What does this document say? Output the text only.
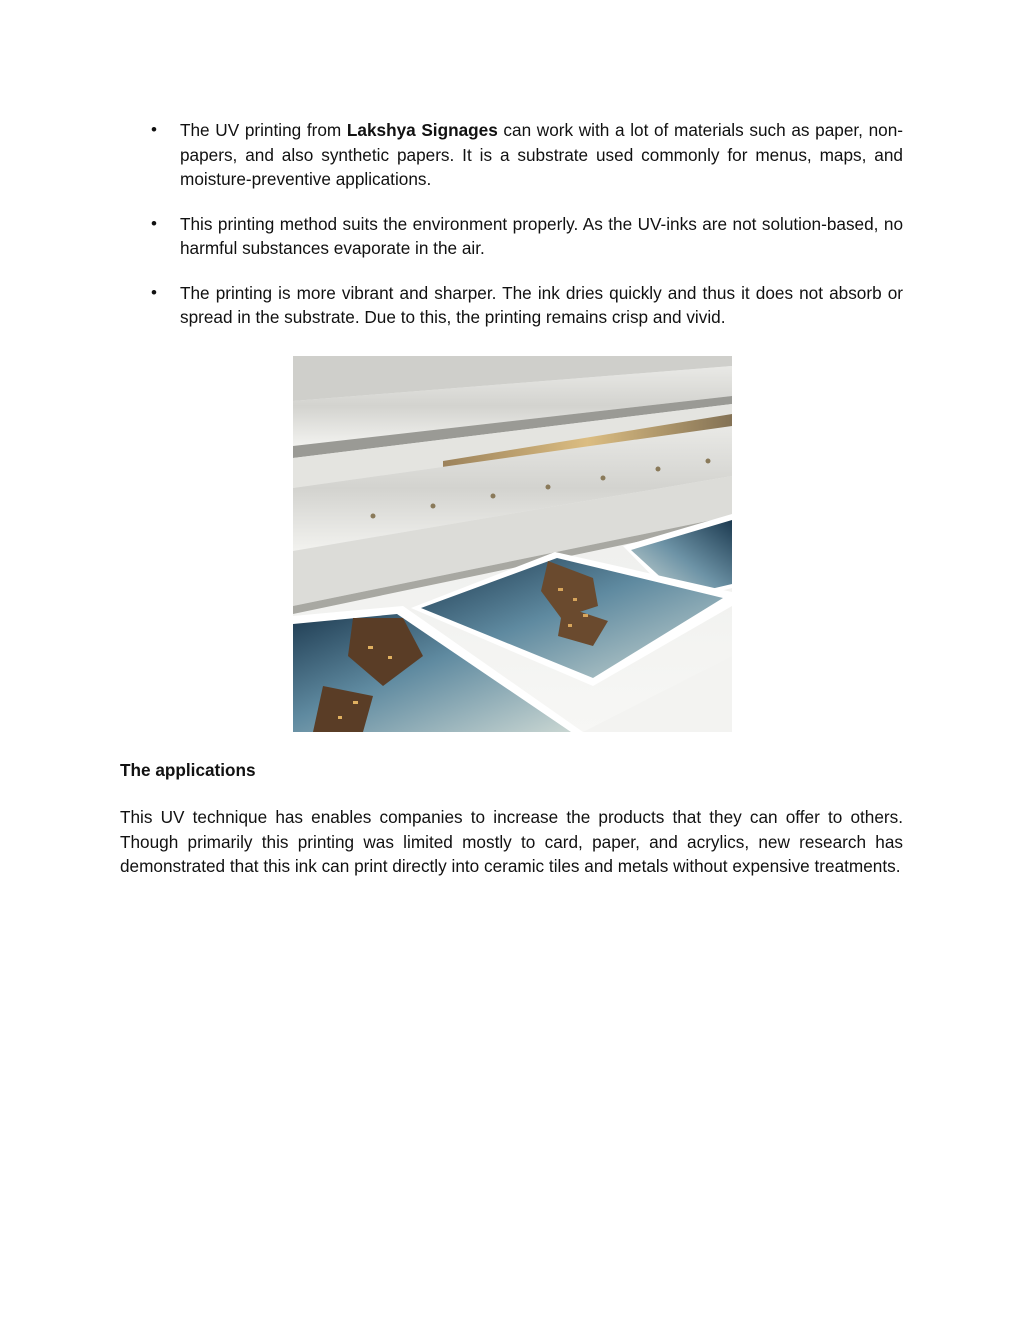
• The UV printing from Lakshya Signages can work with a lot of materials such as paper, non-papers, and also synthetic papers. It is a substrate used commonly for menus, maps, and moisture-preventive applications.
• This printing method suits the environment properly. As the UV-inks are not solution-based, no harmful substances evaporate in the air.
• The printing is more vibrant and sharper. The ink dries quickly and thus it does not absorb or spread in the substrate. Due to this, the printing remains crisp and vivid.

The applications

This UV technique has enables companies to increase the products that they can offer to others. Though primarily this printing was limited mostly to card, paper, and acrylics, new research has demonstrated that this ink can print directly into ceramic tiles and metals without expensive treatments.
